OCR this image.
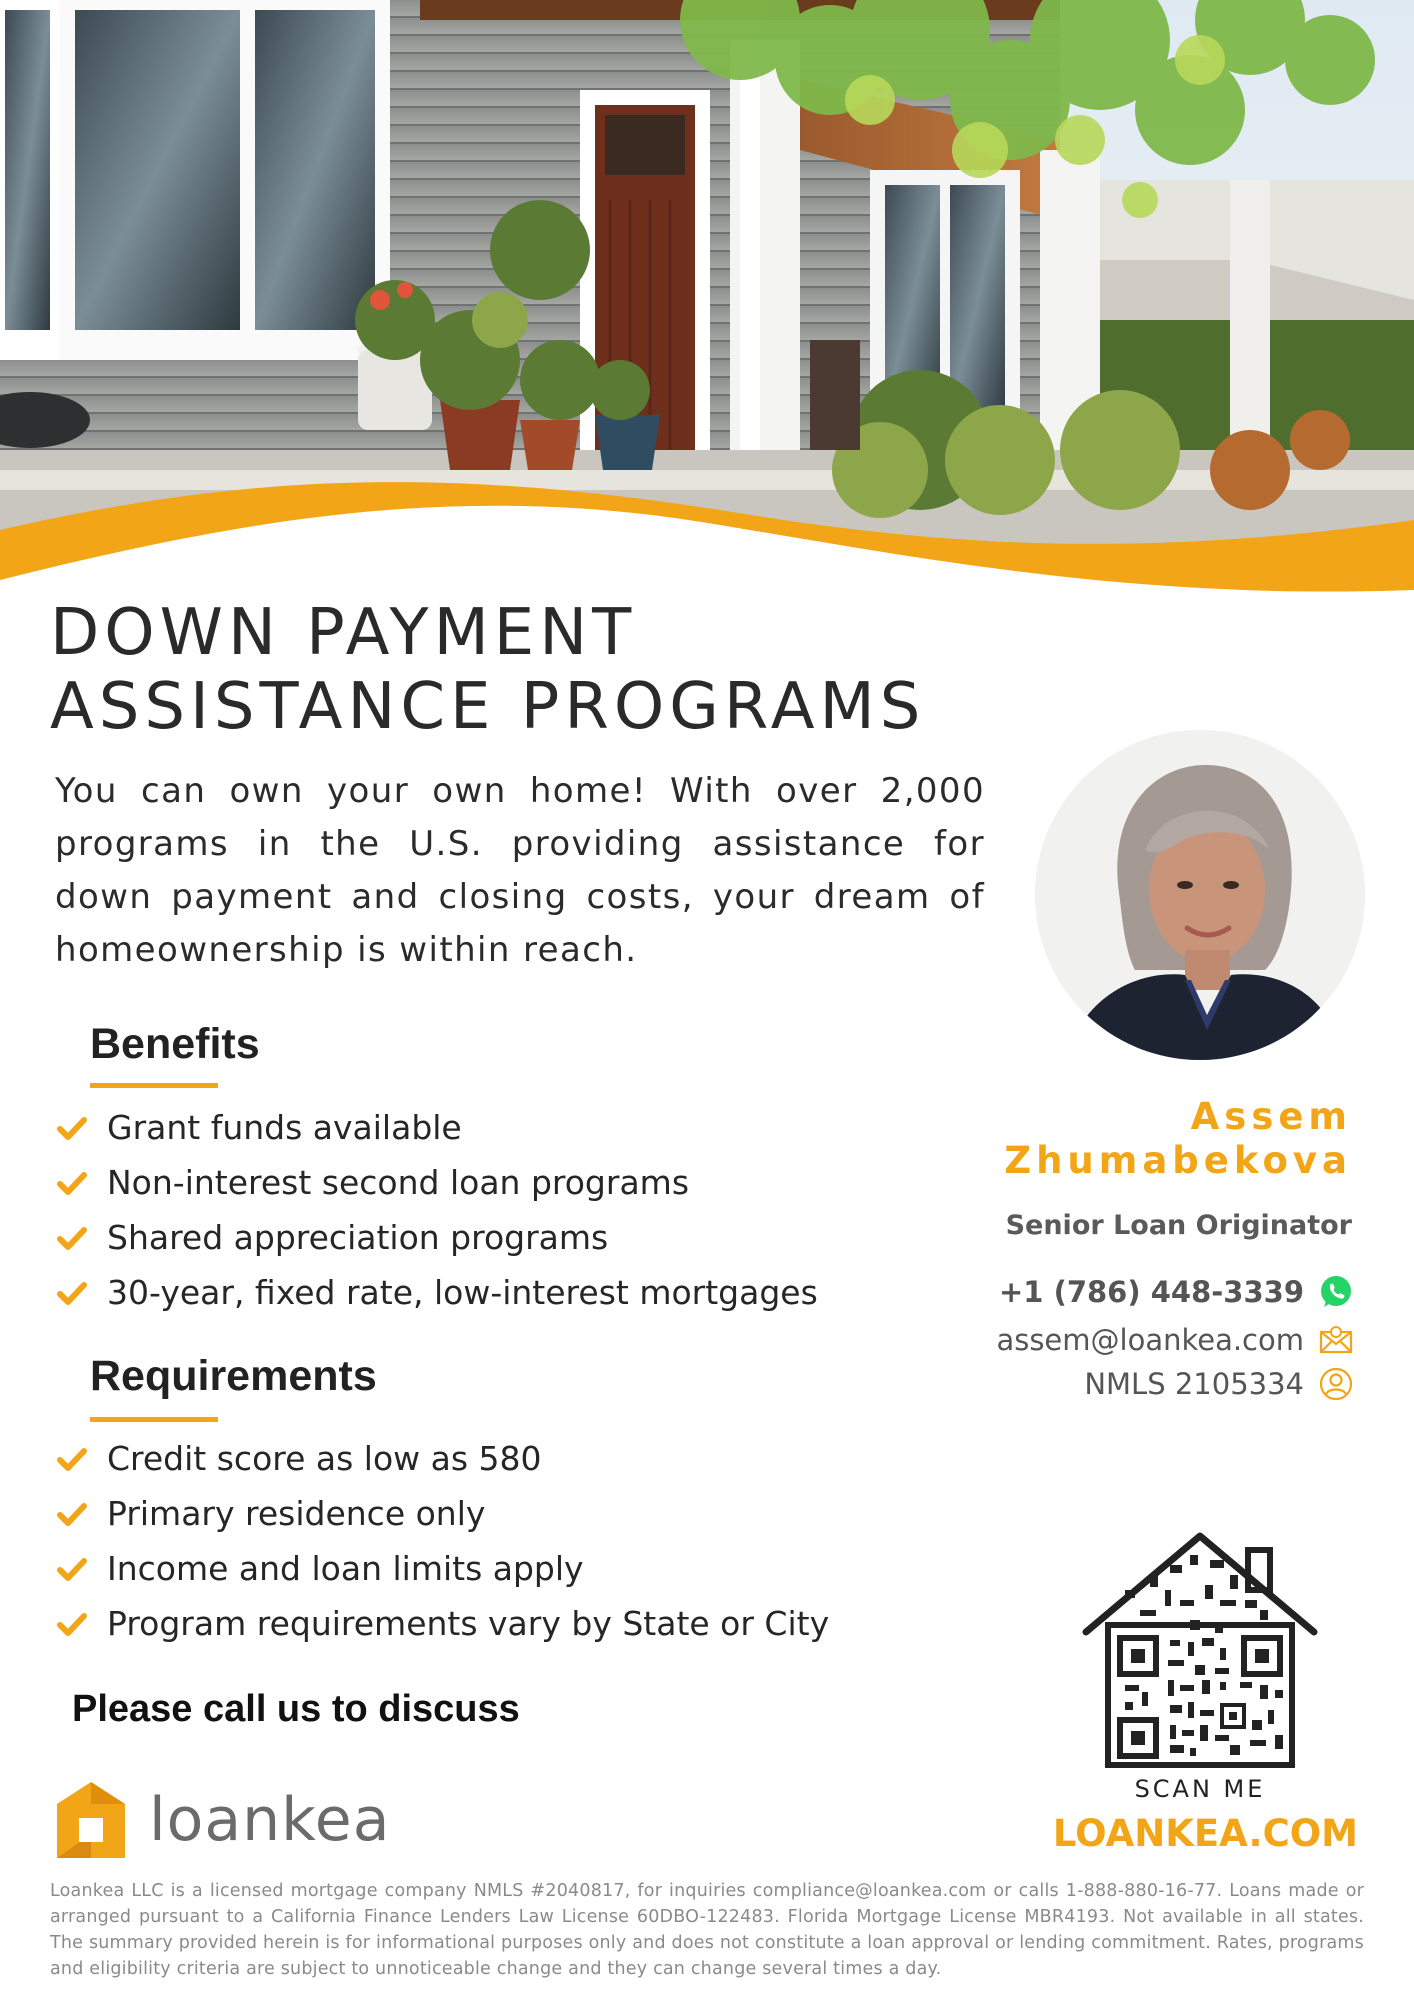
DOWN PAYMENT
ASSISTANCE PROGRAMS

You can own your own home! With over 2,000 programs in the U.S. providing assistance for down payment and closing costs, your dream of homeownership is within reach.

Benefits
Grant funds available
Non-interest second loan programs
Shared appreciation programs
30-year, fixed rate, low-interest mortgages
Requirements
Credit score as low as 580
Primary residence only
Income and loan limits apply
Program requirements vary by State or City
Please call us to discuss
Assem
Zhumabekova
Senior Loan Originator
+1 (786) 448-3339
assem@loankea.com
NMLS 2105334
SCAN ME
LOANKEA.COM
loankea

Loankea LLC is a licensed mortgage company NMLS #2040817, for inquiries compliance@loankea.com or calls 1-888-880-16-77. Loans made or arranged pursuant to a California Finance Lenders Law License 60DBO-122483. Florida Mortgage License MBR4193. Not available in all states. The summary provided herein is for informational purposes only and does not constitute a loan approval or lending commitment. Rates, programs and eligibility criteria are subject to unnoticeable change and they can change several times a day.
